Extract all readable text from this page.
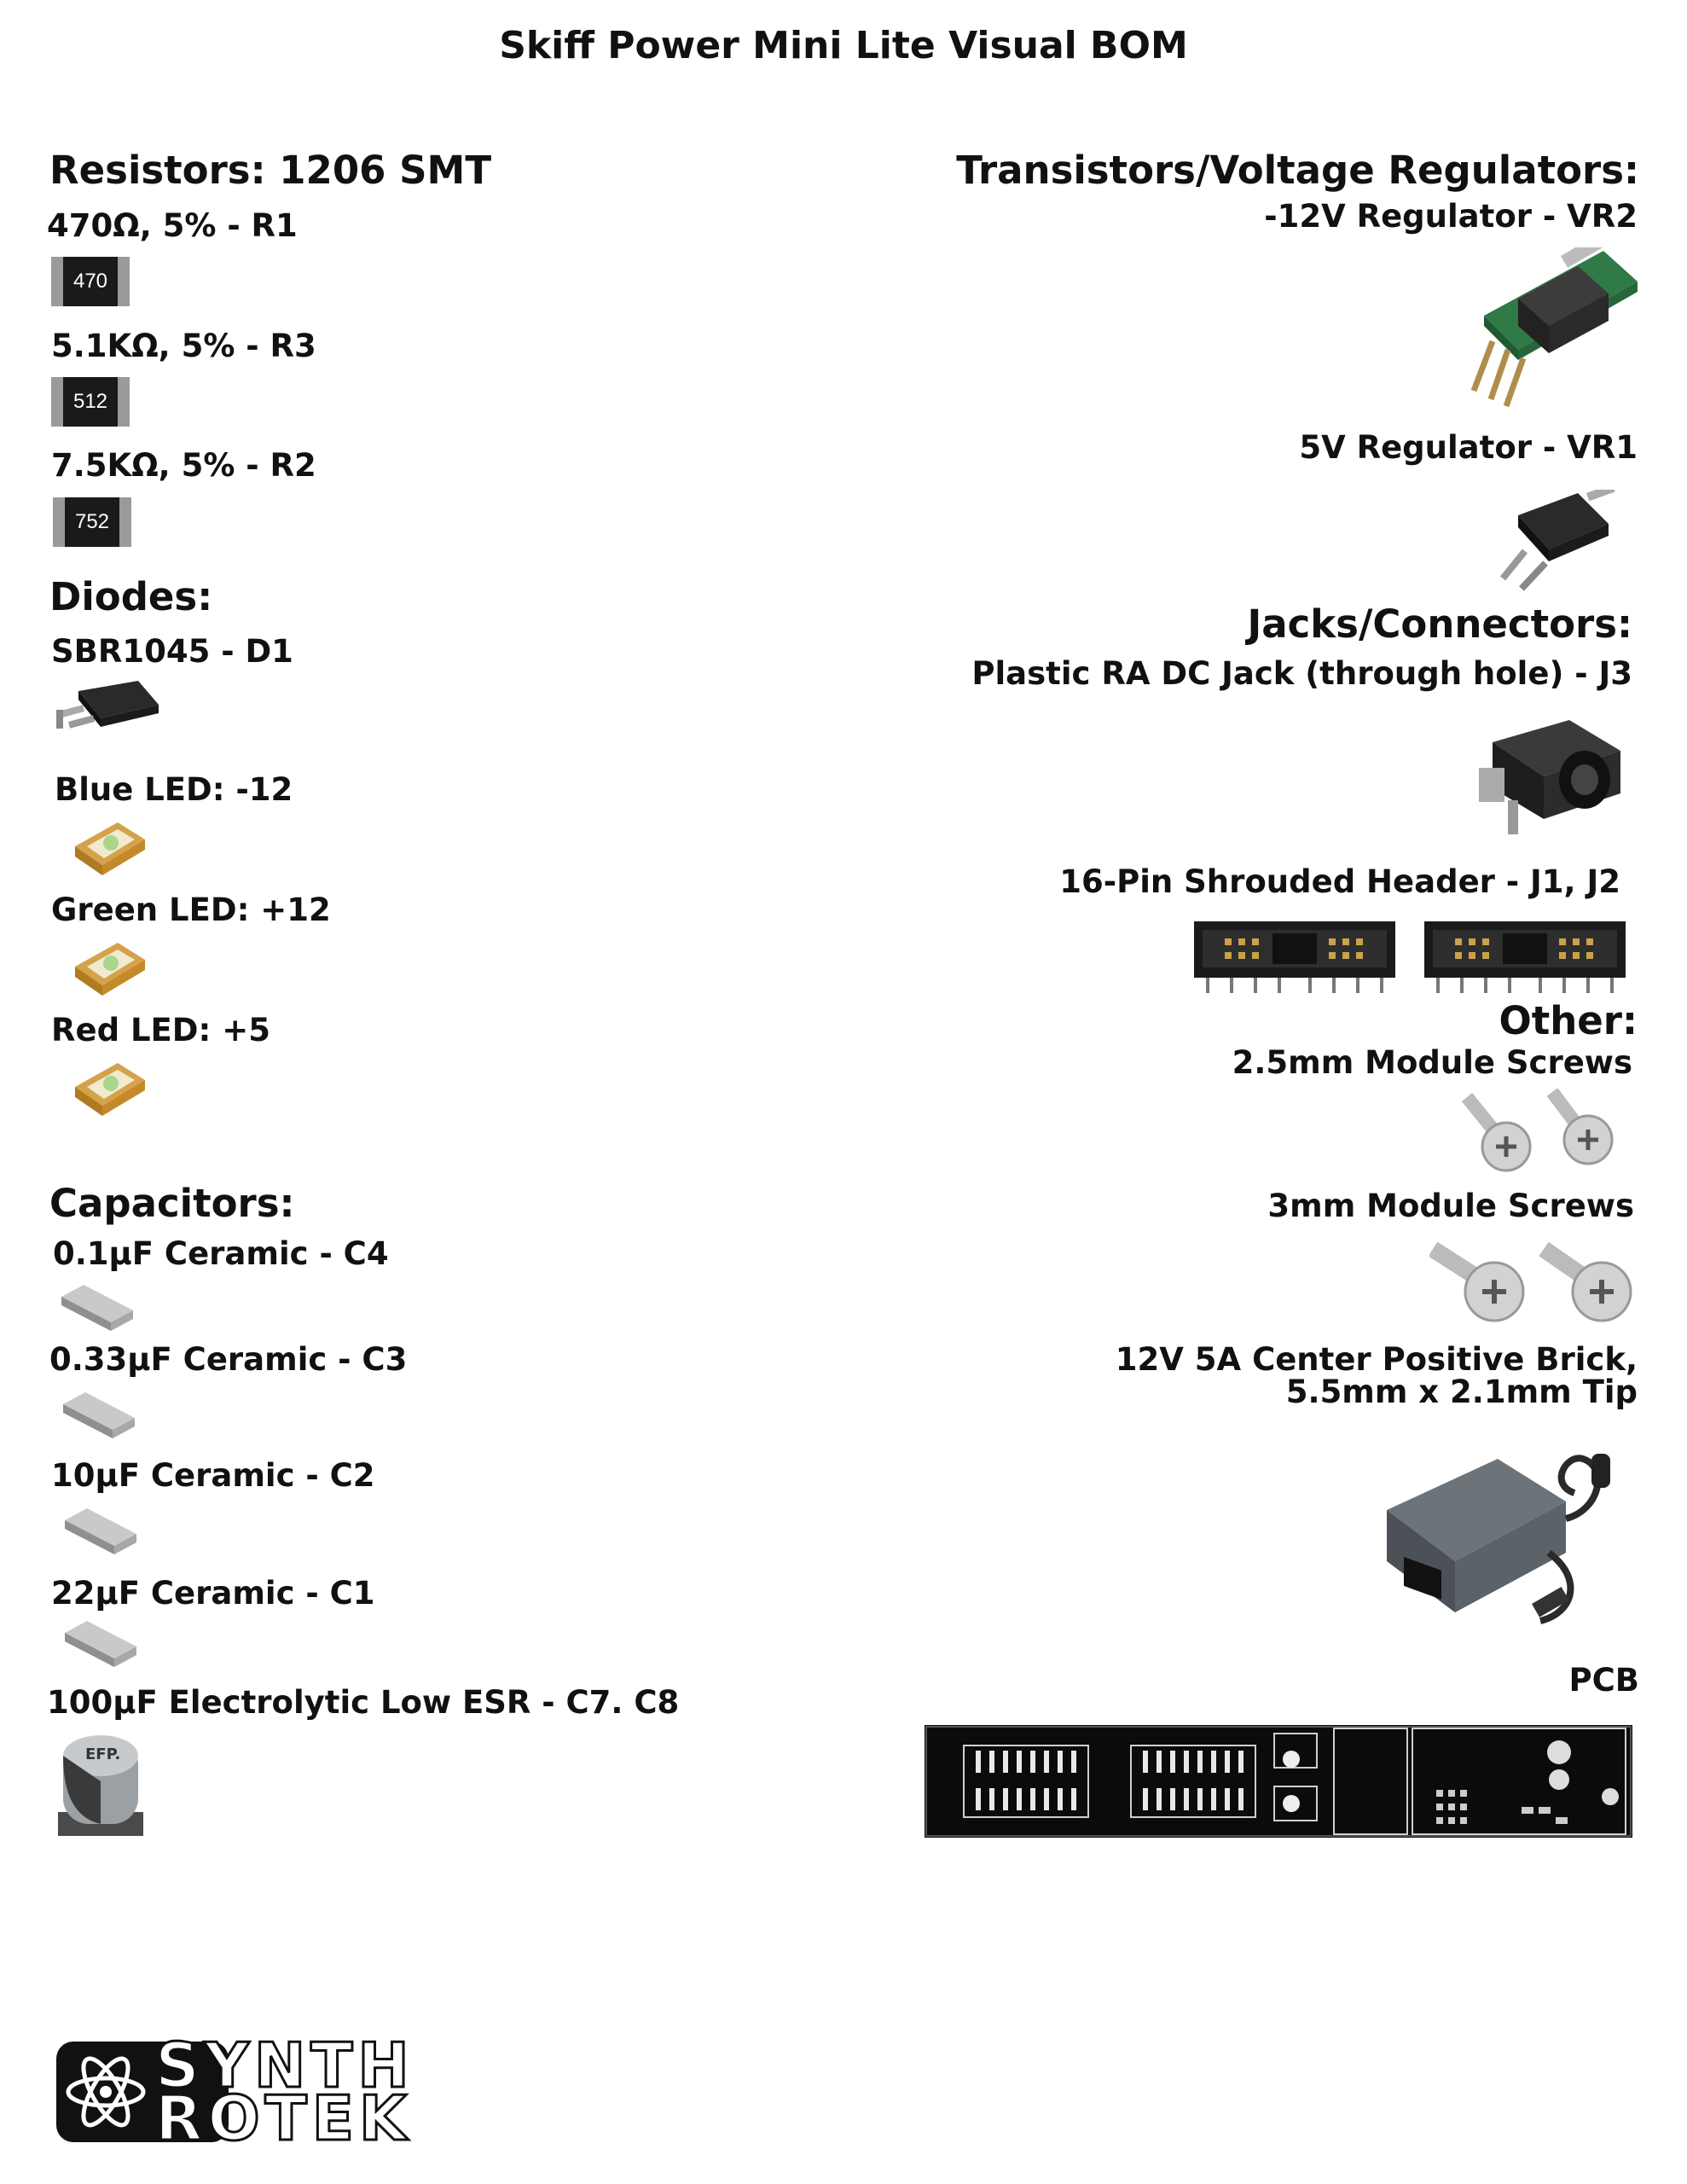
Skiff Power Mini Lite Visual BOM
Resistors: 1206 SMT
470Ω, 5% - R1
470
5.1KΩ, 5% - R3
512
7.5KΩ, 5% - R2
752
Diodes:
SBR1045 - D1
Blue LED: -12
Green LED: +12
Red LED: +5
Capacitors:
0.1µF Ceramic - C4
0.33µF Ceramic - C3
10µF Ceramic - C2
22µF Ceramic - C1
100µF Electrolytic Low ESR - C7. C8
EFP.
Transistors/Voltage Regulators:
-12V Regulator - VR2
5V Regulator - VR1
Jacks/Connectors:
Plastic RA DC Jack (through hole) - J3
16-Pin Shrouded Header - J1, J2
Other:
2.5mm Module Screws
3mm Module Screws
12V 5A Center Positive Brick,
5.5mm x 2.1mm Tip
PCB
SYNTH
ROTEK
